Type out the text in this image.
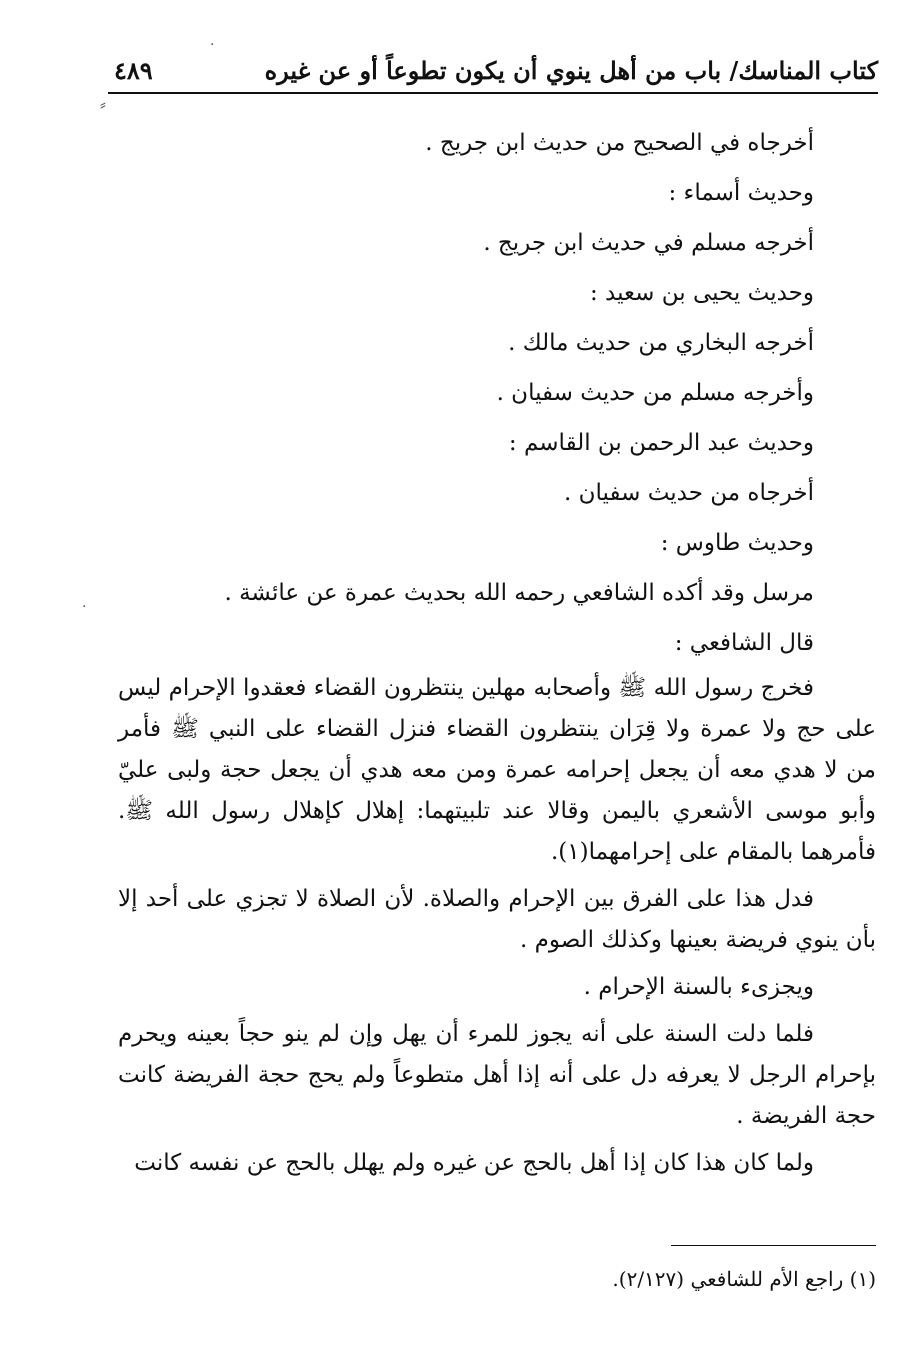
·
⸗
·
كتاب المناسك/ باب من أهل ينوي أن يكون تطوعاً أو عن غيره
٤٨٩
أخرجاه في الصحيح من حديث ابن جريج .
وحديث أسماء :
أخرجه مسلم في حديث ابن جريج .
وحديث يحيى بن سعيد :
أخرجه البخاري من حديث مالك .
وأخرجه مسلم من حديث سفيان .
وحديث عبد الرحمن بن القاسم :
أخرجاه من حديث سفيان .
وحديث طاوس :
مرسل وقد أكده الشافعي رحمه الله بحديث عمرة عن عائشة .
قال الشافعي :
فخرج رسول الله ﷺ وأصحابه مهلين ينتظرون القضاء فعقدوا الإحرام ليس على حج ولا عمرة ولا قِرَان ينتظرون القضاء فنزل القضاء على النبي ﷺ فأمر من لا هدي معه أن يجعل إحرامه عمرة ومن معه هدي أن يجعل حجة ولبى عليّ وأبو موسى الأشعري باليمن وقالا عند تلبيتهما: إهلال كإهلال رسول الله ﷺ. فأمرهما بالمقام على إحرامهما(١).
فدل هذا على الفرق بين الإحرام والصلاة. لأن الصلاة لا تجزي على أحد إلا بأن ينوي فريضة بعينها وكذلك الصوم .
ويجزىء بالسنة الإحرام .
فلما دلت السنة على أنه يجوز للمرء أن يهل وإن لم ينو حجاً بعينه ويحرم بإحرام الرجل لا يعرفه دل على أنه إذا أهل متطوعاً ولم يحج حجة الفريضة كانت حجة الفريضة .
ولما كان هذا كان إذا أهل بالحج عن غيره ولم يهلل بالحج عن نفسه كانت
(١) راجع الأم للشافعي (٢/١٢٧).
